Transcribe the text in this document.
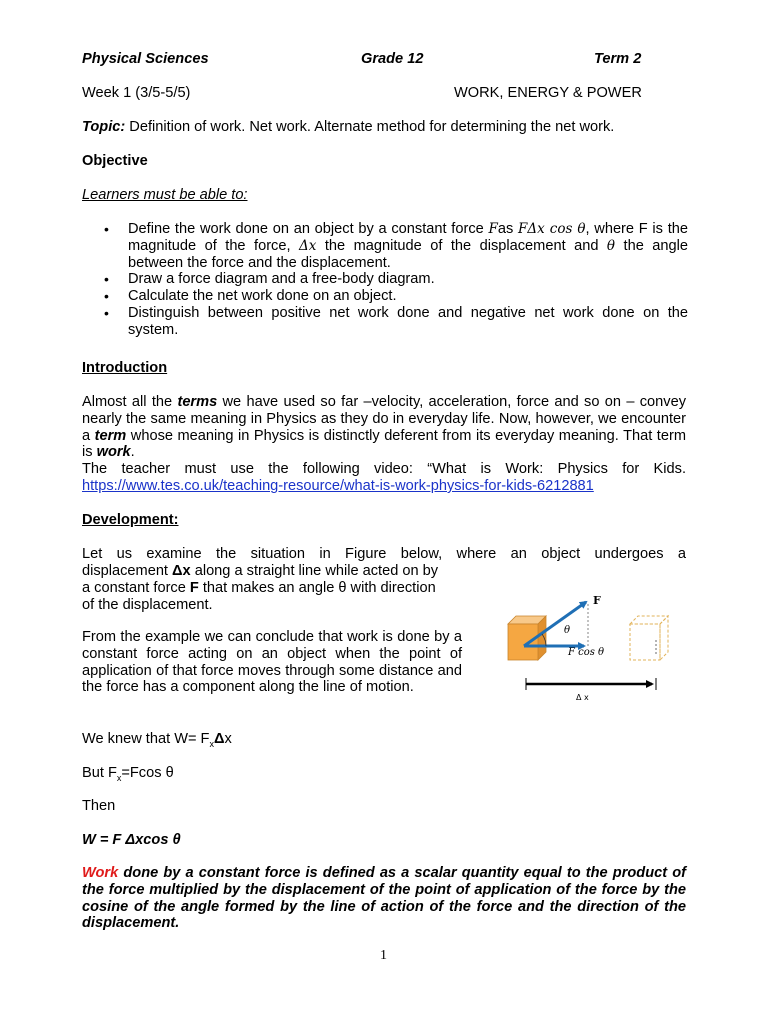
Physical Sciences	Grade 12	Term 2
Week 1 (3/5-5/5)	WORK, ENERGY & POWER
Topic: Definition of work. Net work. Alternate method for determining the net work.
Objective
Learners must be able to:
• Define the work done on an object by a constant force Fas FΔx cos θ, where F is the magnitude of the force, Δx the magnitude of the displacement and θ the angle between the force and the displacement.
• Draw a force diagram and a free-body diagram.
• Calculate the net work done on an object.
• Distinguish between positive net work done and negative net work done on the system.
Introduction
Almost all the terms we have used so far –velocity, acceleration, force and so on – convey nearly the same meaning in Physics as they do in everyday life. Now, however, we encounter a term whose meaning in Physics is distinctly deferent from its everyday meaning. That term is work.
The teacher must use the following video: “What is Work: Physics for Kids.
https://www.tes.co.uk/teaching-resource/what-is-work-physics-for-kids-6212881
Development:
Let us examine the situation in Figure below, where an object undergoes a
displacement Δx along a straight line while acted on by
a constant force F that makes an angle θ with direction
of the displacement.
From the example we can conclude that work is done by a constant force acting on an object when the point of application of that force moves through some distance and the force has a component along the line of motion.
We knew that $W= F_x\Delta x$
But $F_x=Fcos$ θ
Then
W = F Δxcos θ
Work done by a constant force is defined as a scalar quantity equal to the product of the force multiplied by the displacement of the point of application of the force by the cosine of the angle formed by the line of action of the force and the direction of the displacement.
F
θ
F cos θ
Δ x
1
